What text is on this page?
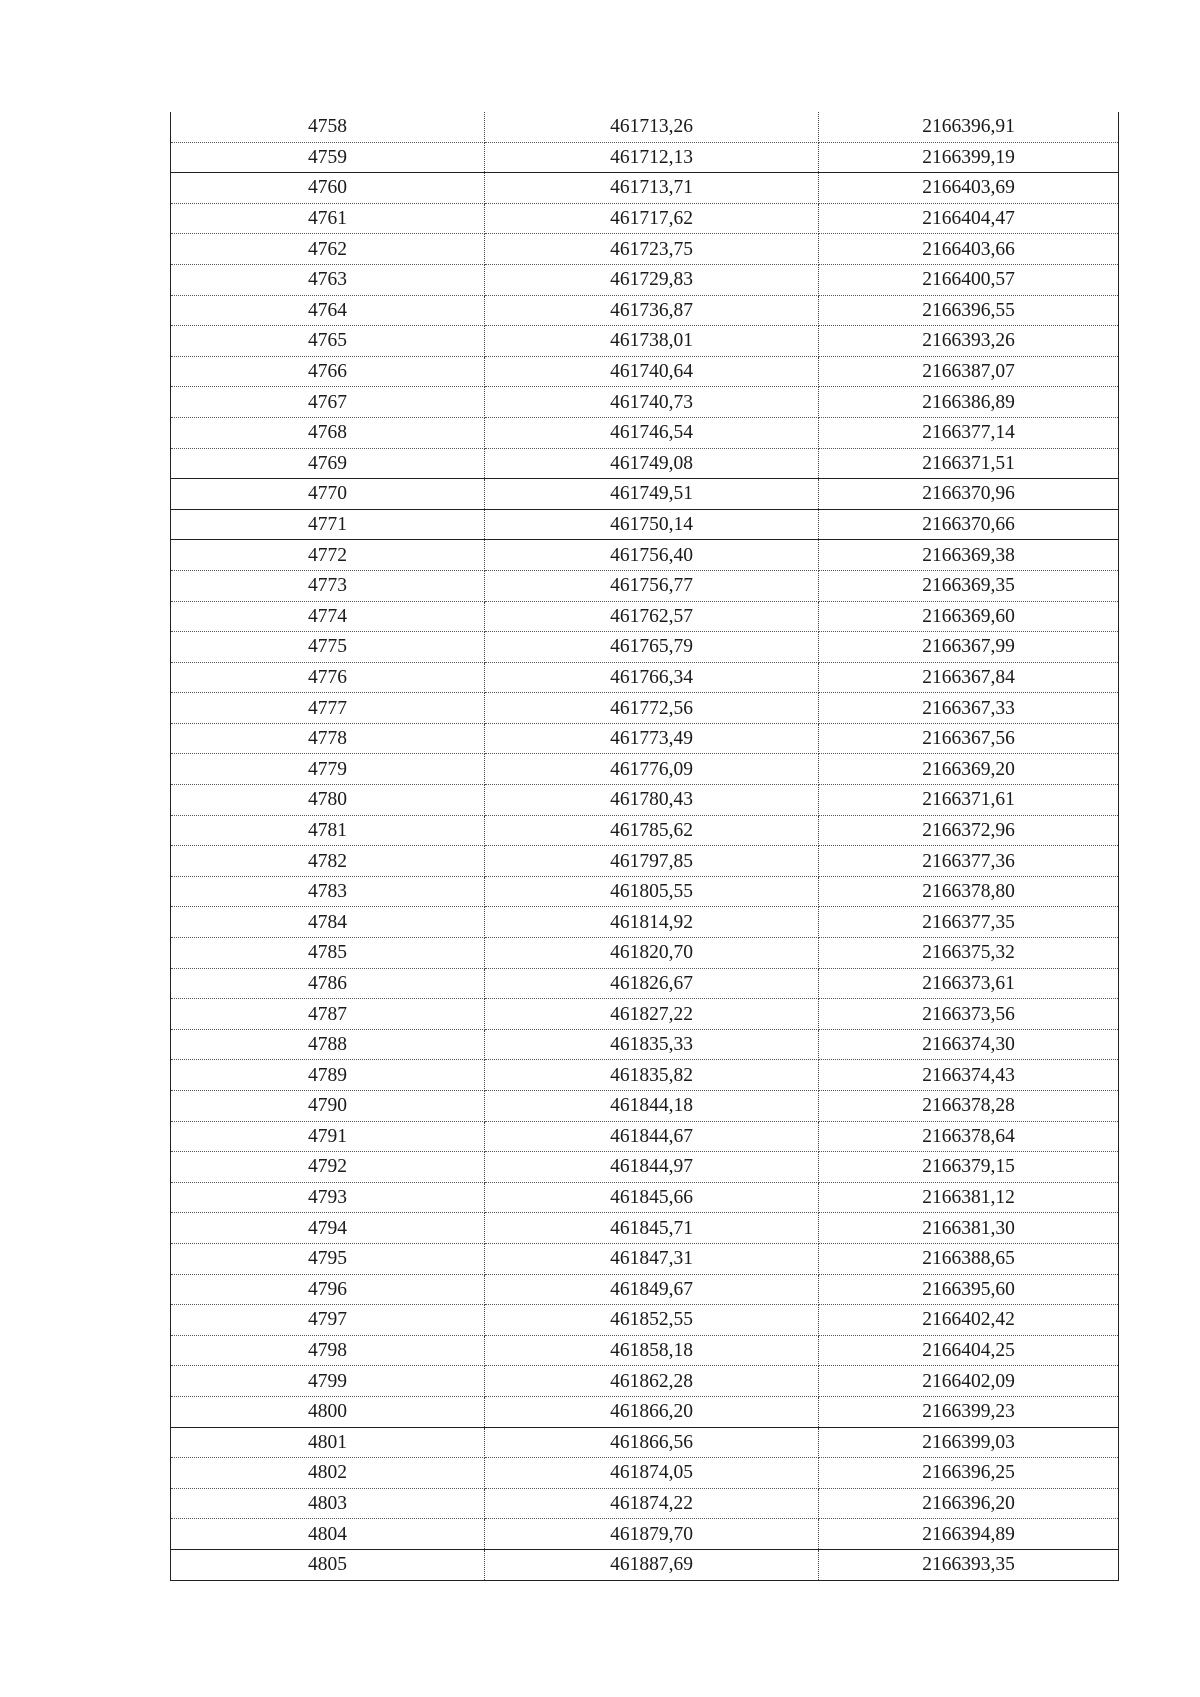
4758	461713,26	2166396,91
4759	461712,13	2166399,19
4760	461713,71	2166403,69
4761	461717,62	2166404,47
4762	461723,75	2166403,66
4763	461729,83	2166400,57
4764	461736,87	2166396,55
4765	461738,01	2166393,26
4766	461740,64	2166387,07
4767	461740,73	2166386,89
4768	461746,54	2166377,14
4769	461749,08	2166371,51
4770	461749,51	2166370,96
4771	461750,14	2166370,66
4772	461756,40	2166369,38
4773	461756,77	2166369,35
4774	461762,57	2166369,60
4775	461765,79	2166367,99
4776	461766,34	2166367,84
4777	461772,56	2166367,33
4778	461773,49	2166367,56
4779	461776,09	2166369,20
4780	461780,43	2166371,61
4781	461785,62	2166372,96
4782	461797,85	2166377,36
4783	461805,55	2166378,80
4784	461814,92	2166377,35
4785	461820,70	2166375,32
4786	461826,67	2166373,61
4787	461827,22	2166373,56
4788	461835,33	2166374,30
4789	461835,82	2166374,43
4790	461844,18	2166378,28
4791	461844,67	2166378,64
4792	461844,97	2166379,15
4793	461845,66	2166381,12
4794	461845,71	2166381,30
4795	461847,31	2166388,65
4796	461849,67	2166395,60
4797	461852,55	2166402,42
4798	461858,18	2166404,25
4799	461862,28	2166402,09
4800	461866,20	2166399,23
4801	461866,56	2166399,03
4802	461874,05	2166396,25
4803	461874,22	2166396,20
4804	461879,70	2166394,89
4805	461887,69	2166393,35
